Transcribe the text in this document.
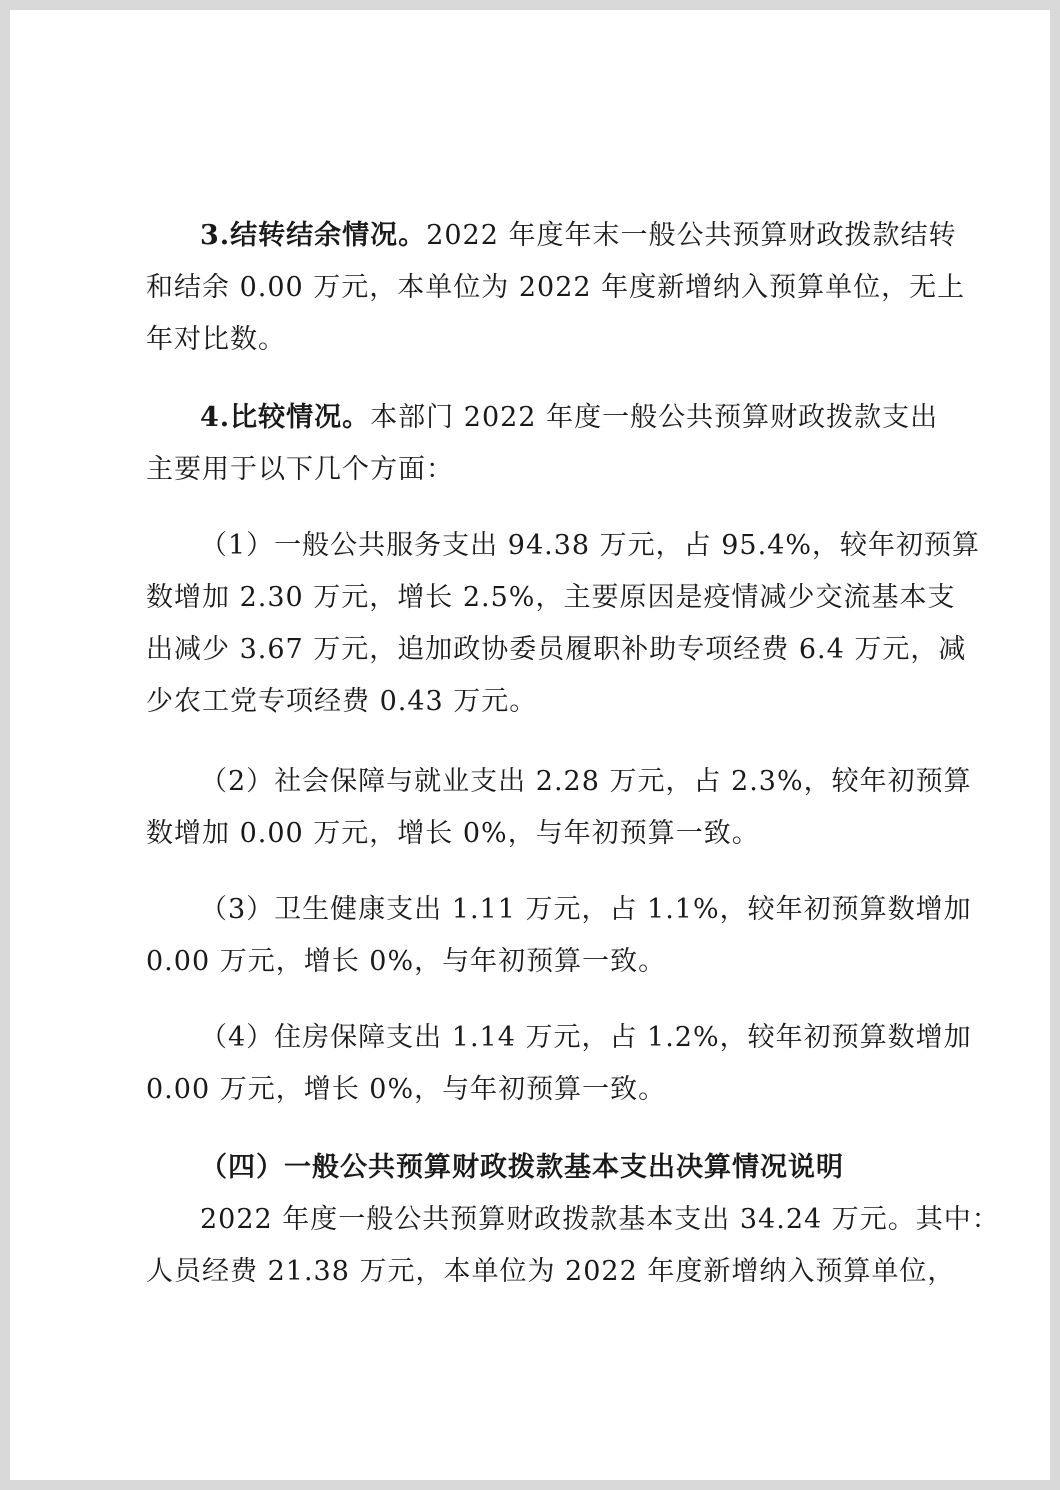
3.结转结余情况。2022 年度年末一般公共预算财政拨款结转
和结余 0.00 万元，本单位为 2022 年度新增纳入预算单位，无上
年对比数。
4.比较情况。本部门 2022 年度一般公共预算财政拨款支出
主要用于以下几个方面：
（1）一般公共服务支出 94.38 万元，占 95.4%，较年初预算
数增加 2.30 万元，增长 2.5%，主要原因是疫情减少交流基本支
出减少 3.67 万元，追加政协委员履职补助专项经费 6.4 万元，减
少农工党专项经费 0.43 万元。
（2）社会保障与就业支出 2.28 万元，占 2.3%，较年初预算
数增加 0.00 万元，增长 0%，与年初预算一致。
（3）卫生健康支出 1.11 万元，占 1.1%，较年初预算数增加
0.00 万元，增长 0%，与年初预算一致。
（4）住房保障支出 1.14 万元，占 1.2%，较年初预算数增加
0.00 万元，增长 0%，与年初预算一致。
（四）一般公共预算财政拨款基本支出决算情况说明
2022 年度一般公共预算财政拨款基本支出 34.24 万元。其中：
人员经费 21.38 万元，本单位为 2022 年度新增纳入预算单位，
